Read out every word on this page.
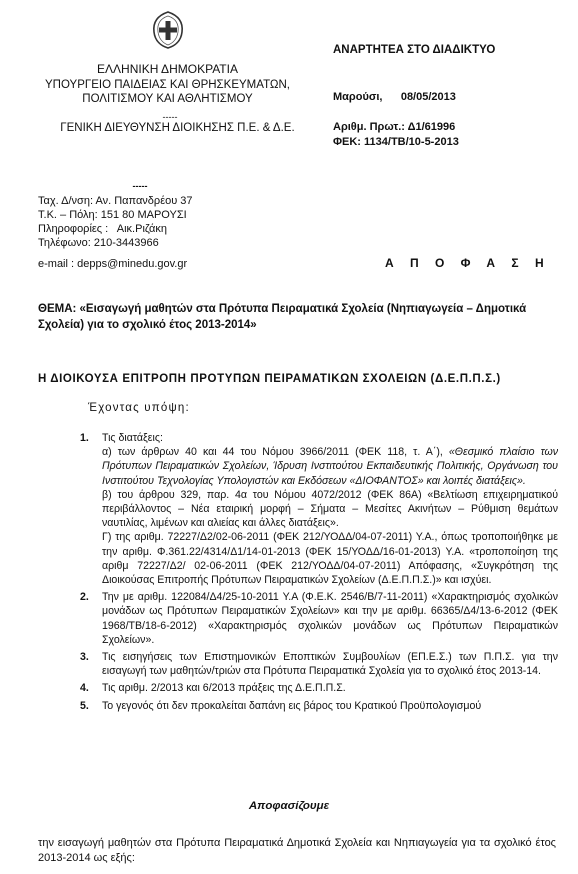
ΕΛΛΗΝΙΚΗ ΔΗΜΟΚΡΑΤΙΑ
ΥΠΟΥΡΓΕΙΟ ΠΑΙΔΕΙΑΣ ΚΑΙ ΘΡΗΣΚΕΥΜΑΤΩΝ,
ΠΟΛΙΤΙΣΜΟΥ ΚΑΙ ΑΘΛΗΤΙΣΜΟΥ
-----
ΓΕΝΙΚΗ ΔΙΕΥΘΥΝΣΗ ΔΙΟΙΚΗΣΗΣ Π.Ε. & Δ.Ε.
ΑΝΑΡΤΗΤΕΑ ΣΤΟ ΔΙΑΔΙΚΤΥΟ
Μαρούσι,      08/05/2013
Αριθμ. Πρωτ.: Δ1/61996
ΦΕΚ: 1134/ΤΒ/10-5-2013
-----
Ταχ. Δ/νση: Αν. Παπανδρέου 37
Τ.Κ. – Πόλη: 151 80 ΜΑΡΟΥΣΙ
Πληροφορίες :   Αικ.Ριζάκη
Τηλέφωνο: 210-3443966
e-mail : depps@minedu.gov.gr	Α Π Ο Φ Α Σ Η
ΘΕΜΑ: «Εισαγωγή μαθητών στα Πρότυπα Πειραματικά Σχολεία (Νηπιαγωγεία – Δημοτικά Σχολεία) για το σχολικό έτος 2013-2014»
Η ΔΙΟΙΚΟΥΣΑ ΕΠΙΤΡΟΠΗ ΠΡΟΤΥΠΩΝ ΠΕΙΡΑΜΑΤΙΚΩΝ ΣΧΟΛΕΙΩΝ (Δ.Ε.Π.Π.Σ.)
Έχοντας υπόψη:
1. Τις διατάξεις:
α) των άρθρων 40 και 44 του Νόμου 3966/2011 (ΦΕΚ 118, τ. Α΄), «Θεσμικό πλαίσιο των Πρότυπων Πειραματικών Σχολείων, Ίδρυση Ινστιτούτου Εκπαιδευτικής Πολιτικής, Οργάνωση του Ινστιτούτου Τεχνολογίας Υπολογιστών και Εκδόσεων «ΔΙΟΦΑΝΤΟΣ» και λοιπές διατάξεις».
β) του άρθρου 329, παρ. 4α του Νόμου 4072/2012 (ΦΕΚ 86Α) «Βελτίωση επιχειρηματικού περιβάλλοντος – Νέα εταιρική μορφή – Σήματα – Μεσίτες Ακινήτων – Ρύθμιση θεμάτων ναυτιλίας, λιμένων και αλιείας και άλλες διατάξεις».
Γ) της αριθμ. 72227/Δ2/02-06-2011 (ΦΕΚ 212/ΥΟΔΔ/04-07-2011) Υ.Α., όπως τροποποιήθηκε με την αριθμ. Φ.361.22/4314/Δ1/14-01-2013 (ΦΕΚ 15/ΥΟΔΔ/16-01-2013) Υ.Α. «τροποποίηση της αριθμ 72227/Δ2/ 02-06-2011 (ΦΕΚ 212/ΥΟΔΔ/04-07-2011) Απόφασης, «Συγκρότηση της Διοικούσας Επιτροπής Πρότυπων Πειραματικών Σχολείων (Δ.Ε.Π.Π.Σ.)» και ισχύει.
2. Την με αριθμ. 122084/Δ4/25-10-2011 Υ.Α (Φ.Ε.Κ. 2546/Β/7-11-2011) «Χαρακτηρισμός σχολικών μονάδων ως Πρότυπων Πειραματικών Σχολείων» και την με αριθμ. 66365/Δ4/13-6-2012 (ΦΕΚ 1968/ΤΒ/18-6-2012) «Χαρακτηρισμός σχολικών μονάδων ως Πρότυπων Πειραματικών Σχολείων».
3. Τις εισηγήσεις των Επιστημονικών Εποπτικών Συμβουλίων (ΕΠ.Ε.Σ.) των Π.Π.Σ. για την εισαγωγή των μαθητών/τριών στα Πρότυπα Πειραματικά Σχολεία για το σχολικό έτος 2013-14.
4. Τις αριθμ. 2/2013 και 6/2013 πράξεις της Δ.Ε.Π.Π.Σ.
5. Το γεγονός ότι δεν προκαλείται δαπάνη εις βάρος του Κρατικού Προϋπολογισμού
Αποφασίζουμε
την εισαγωγή μαθητών στα Πρότυπα Πειραματικά Δημοτικά Σχολεία και Νηπιαγωγεία για τα σχολικό έτος 2013-2014 ως εξής:
